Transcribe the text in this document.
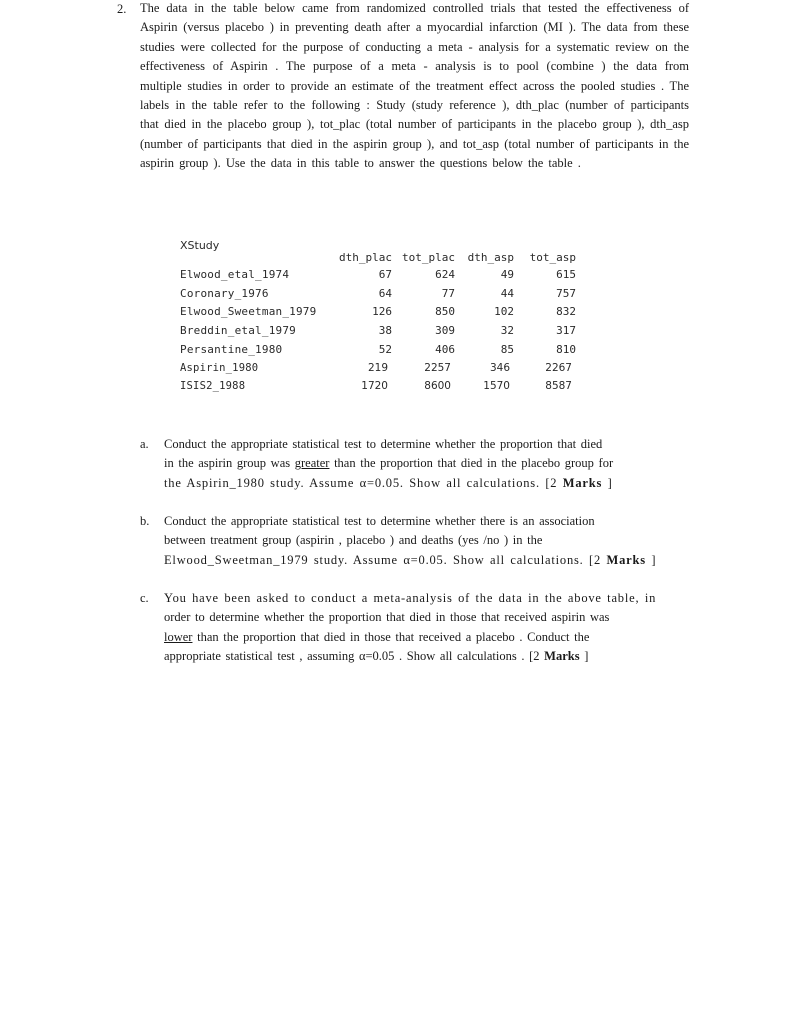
2. The data in the table below came from randomized controlled trials that tested the effectiveness of Aspirin (versus placebo ) in preventing death after a myocardial infarction (MI ). The data from these studies were collected for the purpose of conducting a meta - analysis for a systematic review on the effectiveness of Aspirin . The purpose of a meta - analysis is to pool (combine ) the data from multiple studies in order to provide an estimate of the treatment effect across the pooled studies . The labels in the table refer to the following : Study (study reference ), dth_plac (number of participants that died in the placebo group ), tot_plac (total number of participants in the placebo group ), dth_asp (number of participants that died in the aspirin group ), and tot_asp (total number of participants in the aspirin group ). Use the data in this table to answer the questions below the table .
XStudy
dth_plac tot_plac dth_asp tot_asp
Elwood_etal_1974	67	624	49	615
Coronary_1976	64	77	44	757
Elwood_Sweetman_1979	126	850	102	832
Breddin_etal_1979	38	309	32	317
Persantine_1980	52	406	85	810
Aspirin_1980	219	2257	346	2267
ISIS2_1988	1720	8600	1570	8587
a. Conduct the appropriate statistical test to determine whether the proportion that died
in the aspirin group was greater than the proportion that died in the placebo group for
the Aspirin_1980 study. Assume α=0.05. Show all calculations. [2 Marks ]
b. Conduct the appropriate statistical test to determine whether there is an association
between treatment group (aspirin , placebo ) and deaths (yes /no ) in the
Elwood_Sweetman_1979 study. Assume α=0.05. Show all calculations. [2 Marks ]
c. You have been asked to conduct a meta-analysis of the data in the above table, in
order to determine whether the proportion that died in those that received aspirin was
lower than the proportion that died in those that received a placebo . Conduct the
appropriate statistical test , assuming α=0.05 . Show all calculations . [2 Marks ]
